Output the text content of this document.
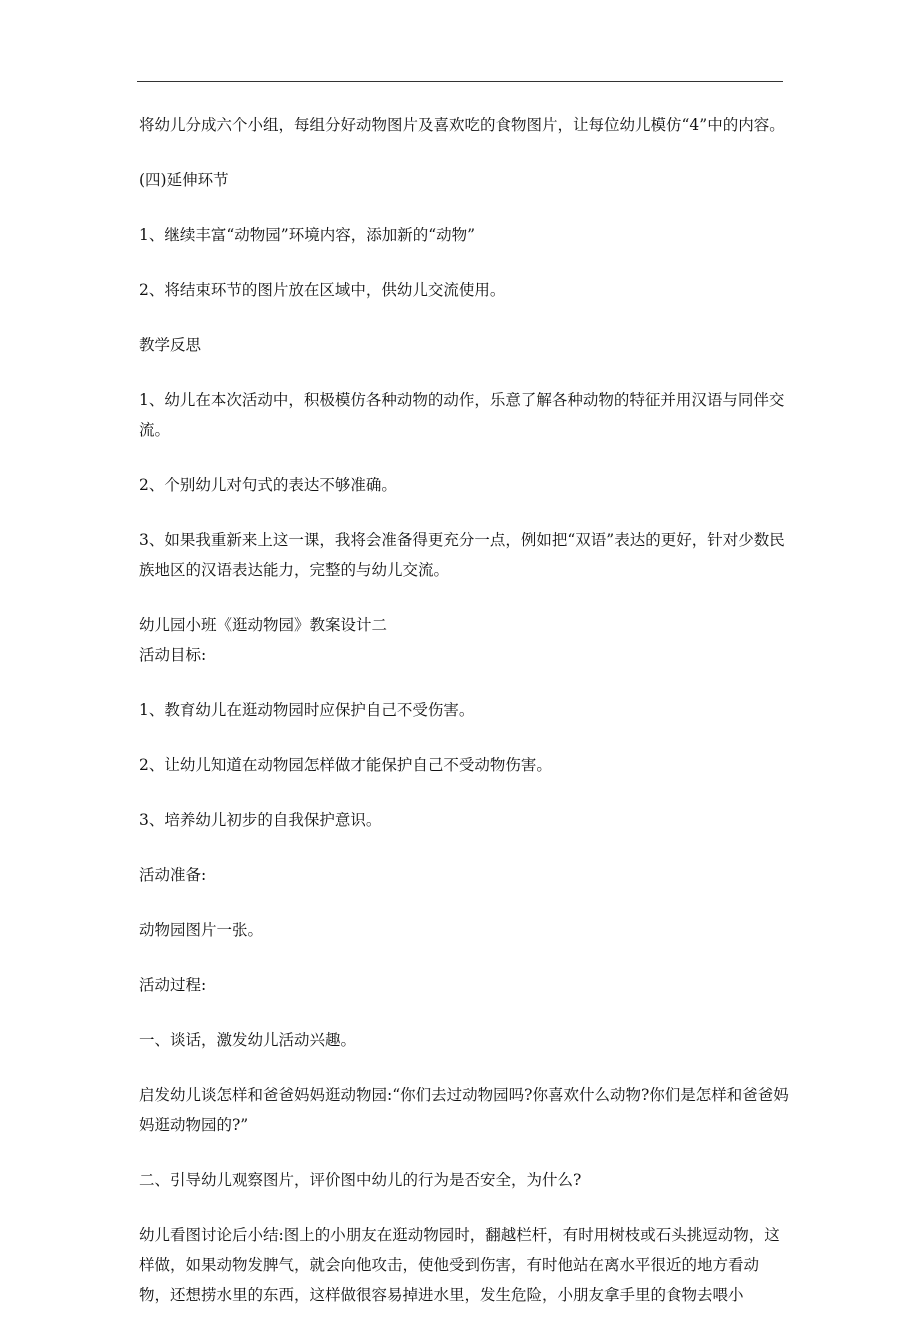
将幼儿分成六个小组，每组分好动物图片及喜欢吃的食物图片，让每位幼儿模仿“4”中的内容。

(四)延伸环节

1、继续丰富“动物园”环境内容，添加新的“动物”

2、将结束环节的图片放在区域中，供幼儿交流使用。

教学反思

1、幼儿在本次活动中，积极模仿各种动物的动作，乐意了解各种动物的特征并用汉语与同伴交流。

2、个别幼儿对句式的表达不够准确。

3、如果我重新来上这一课，我将会准备得更充分一点，例如把“双语”表达的更好，针对少数民族地区的汉语表达能力，完整的与幼儿交流。

幼儿园小班《逛动物园》教案设计二

活动目标:

1、教育幼儿在逛动物园时应保护自己不受伤害。

2、让幼儿知道在动物园怎样做才能保护自己不受动物伤害。

3、培养幼儿初步的自我保护意识。

活动准备:

动物园图片一张。

活动过程:

一、谈话，激发幼儿活动兴趣。

启发幼儿谈怎样和爸爸妈妈逛动物园:“你们去过动物园吗?你喜欢什么动物?你们是怎样和爸爸妈妈逛动物园的?”

二、引导幼儿观察图片，评价图中幼儿的行为是否安全，为什么?

幼儿看图讨论后小结:图上的小朋友在逛动物园时，翻越栏杆，有时用树枝或石头挑逗动物，这样做，如果动物发脾气，就会向他攻击，使他受到伤害，有时他站在离水平很近的地方看动物，还想捞水里的东西，这样做很容易掉进水里，发生危险，小朋友拿手里的食物去喂小
